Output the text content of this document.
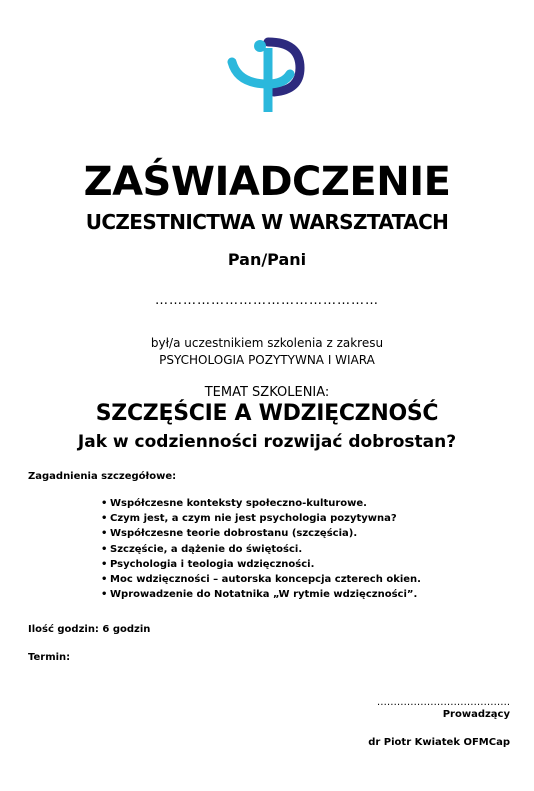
ZAŚWIADCZENIE
UCZESTNICTWA W WARSZTATACH
Pan/Pani
…………………………………………
był/a uczestnikiem szkolenia z zakresu
PSYCHOLOGIA POZYTYWNA I WIARA
TEMAT SZKOLENIA:
SZCZĘŚCIE A WDZIĘCZNOŚĆ
Jak w codzienności rozwijać dobrostan?
Zagadnienia szczegółowe:
• Współczesne konteksty społeczno-kulturowe.
• Czym jest, a czym nie jest psychologia pozytywna?
• Współczesne teorie dobrostanu (szczęścia).
• Szczęście, a dążenie do świętości.
• Psychologia i teologia wdzięczności.
• Moc wdzięczności – autorska koncepcja czterech okien.
• Wprowadzenie do Notatnika „W rytmie wdzięczności”.
Ilość godzin: 6 godzin
Termin:
………………………………….
Prowadzący
dr Piotr Kwiatek OFMCap
